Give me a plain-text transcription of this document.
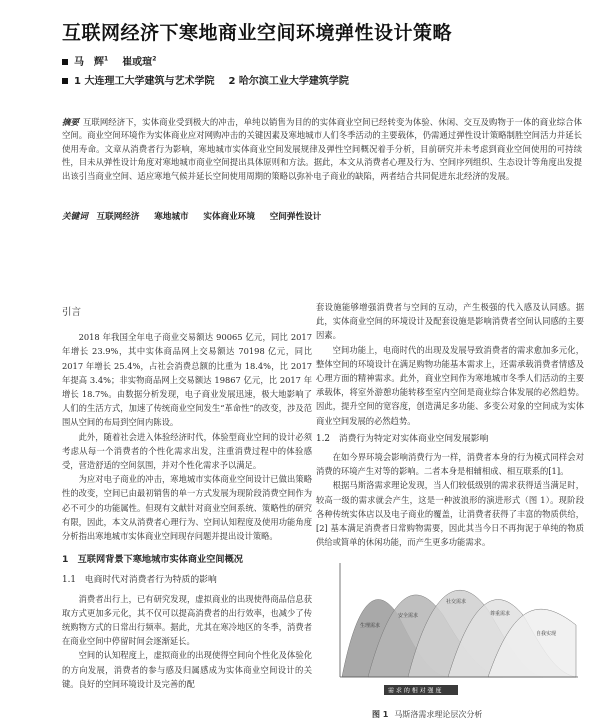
互联网经济下寒地商业空间环境弹性设计策略
马　辉$^1$ 崔或瑄$^2$
1 大连理工大学建筑与艺术学院 2 哈尔滨工业大学建筑学院
摘要 互联网经济下，实体商业受到极大的冲击，单纯以销售为目的的实体商业空间已经转变为体验、休闲、交互及购物于一体的商业综合体空间。商业空间环境作为实体商业应对网购冲击的关键因素及寒地城市人们冬季活动的主要载体，仍需通过弹性设计策略制胜空间活力并延长使用寿命。文章从消费者行为影响，寒地城市实体商业空间发展规律及弹性空间概况着手分析，目前研究并未考虑到商业空间使用的可持续性，目未从弹性设计角度对寒地城市商业空间提出具体原则和方法。据此，本文从消费者心理及行为、空间序列组织、生态设计等角度出发提出该引当商业空间、适应寒地气候并延长空间使用周期的策略以弥补电子商业的缺陷，两者结合共同促进东北经济的发展。
关键词 互联网经济 寒地城市 实体商业环境 空间弹性设计
引言

2018 年我国全年电子商业交易额达 90065 亿元，同比 2017 年增长 23.9%，其中实体商品网上交易额达 70198 亿元，同比 2017 年增长 25.4%，占社会消费总额的比重为 18.4%，比 2017 年提高 3.4%；非实物商品网上交易额达 19867 亿元，比 2017 年增长 18.7%。由数据分析发现，电子商业发展迅速，极大地影响了人们的生活方式，加速了传统商业空间发生“革命性”的改变，涉及范围从空间的布局到空间内陈设。

此外，随着社会进入体验经济时代，体验型商业空间的设计必须考虑从每一个消费者的个性化需求出发，注重消费过程中的体验感受，营造舒适的空间氛围，并对个性化需求予以满足。

为应对电子商业的冲击，寒地城市实体商业空间设计已做出策略性的改变，空间已由最初销售的单一方式发展为现阶段消费空间作为必不可少的功能属性。但现有文献针对商业空间系统、策略性的研究有限，因此，本文从消费者心理行为、空间认知程度及使用功能角度分析指出寒地城市实体商业空间现存问题并提出设计策略。

1　互联网背景下寒地城市实体商业空间概况
1.1　电商时代对消费者行为特质的影响

消费者出行上，已有研究发现，虚拟商业的出现使得商品信息获取方式更加多元化，其不仅可以提高消费者的出行效率，也减少了传统购物方式的日常出行频率。据此，尤其在寒冷地区的冬季，消费者在商业空间中停留时间会逐渐延长。

空间的认知程度上，虚拟商业的出现使得空间向个性化及体验化的方向发展，消费者的参与感及归属感成为实体商业空间设计的关键。良好的空间环境设计及完善的配

套设施能够增强消费者与空间的互动，产生极强的代入感及认同感。据此，实体商业空间的环境设计及配套设施是影响消费者空间认同感的主要因素。

空间功能上，电商时代的出现及发展导致消费者的需求愈加多元化，整体空间的环境设计在满足购物功能基本需求上，还需承载消费者情感及心理方面的精神需求。此外，商业空间作为寒地城市冬季人们活动的主要承载体，将室外游憩功能转移至室内空间是商业综合体发展的必然趋势。因此，提升空间的宽容度，创造满足多功能、多变公对象的空间成为实体商业空间发展的必然趋势。

1.2　消费行为特定对实体商业空间发展影响

在如今界环境会影响消费行为一样，消费者本身的行为模式同样会对消费的环境产生对等的影响。二者本身是相辅相成、相互联系的[1]。

根据马斯洛需求理论发现，当人们较低级别的需求获得适当满足时，较高一级的需求就会产生，这是一种波浪形的演进形式（图 1）。现阶段各种传统实体店以及电子商业的覆盖，让消费者获得了丰富的物质供给，[2] 基本满足消费者日常购物需要，因此其当今日不再拘泥于单纯的物质供给或简单的休闲功能，而产生更多功能需求。

生理需求
安全需求
社交需求
尊重需求
自我实现
需 求 的 相 对 强 度
图 1 马斯洛需求理论层次分析
